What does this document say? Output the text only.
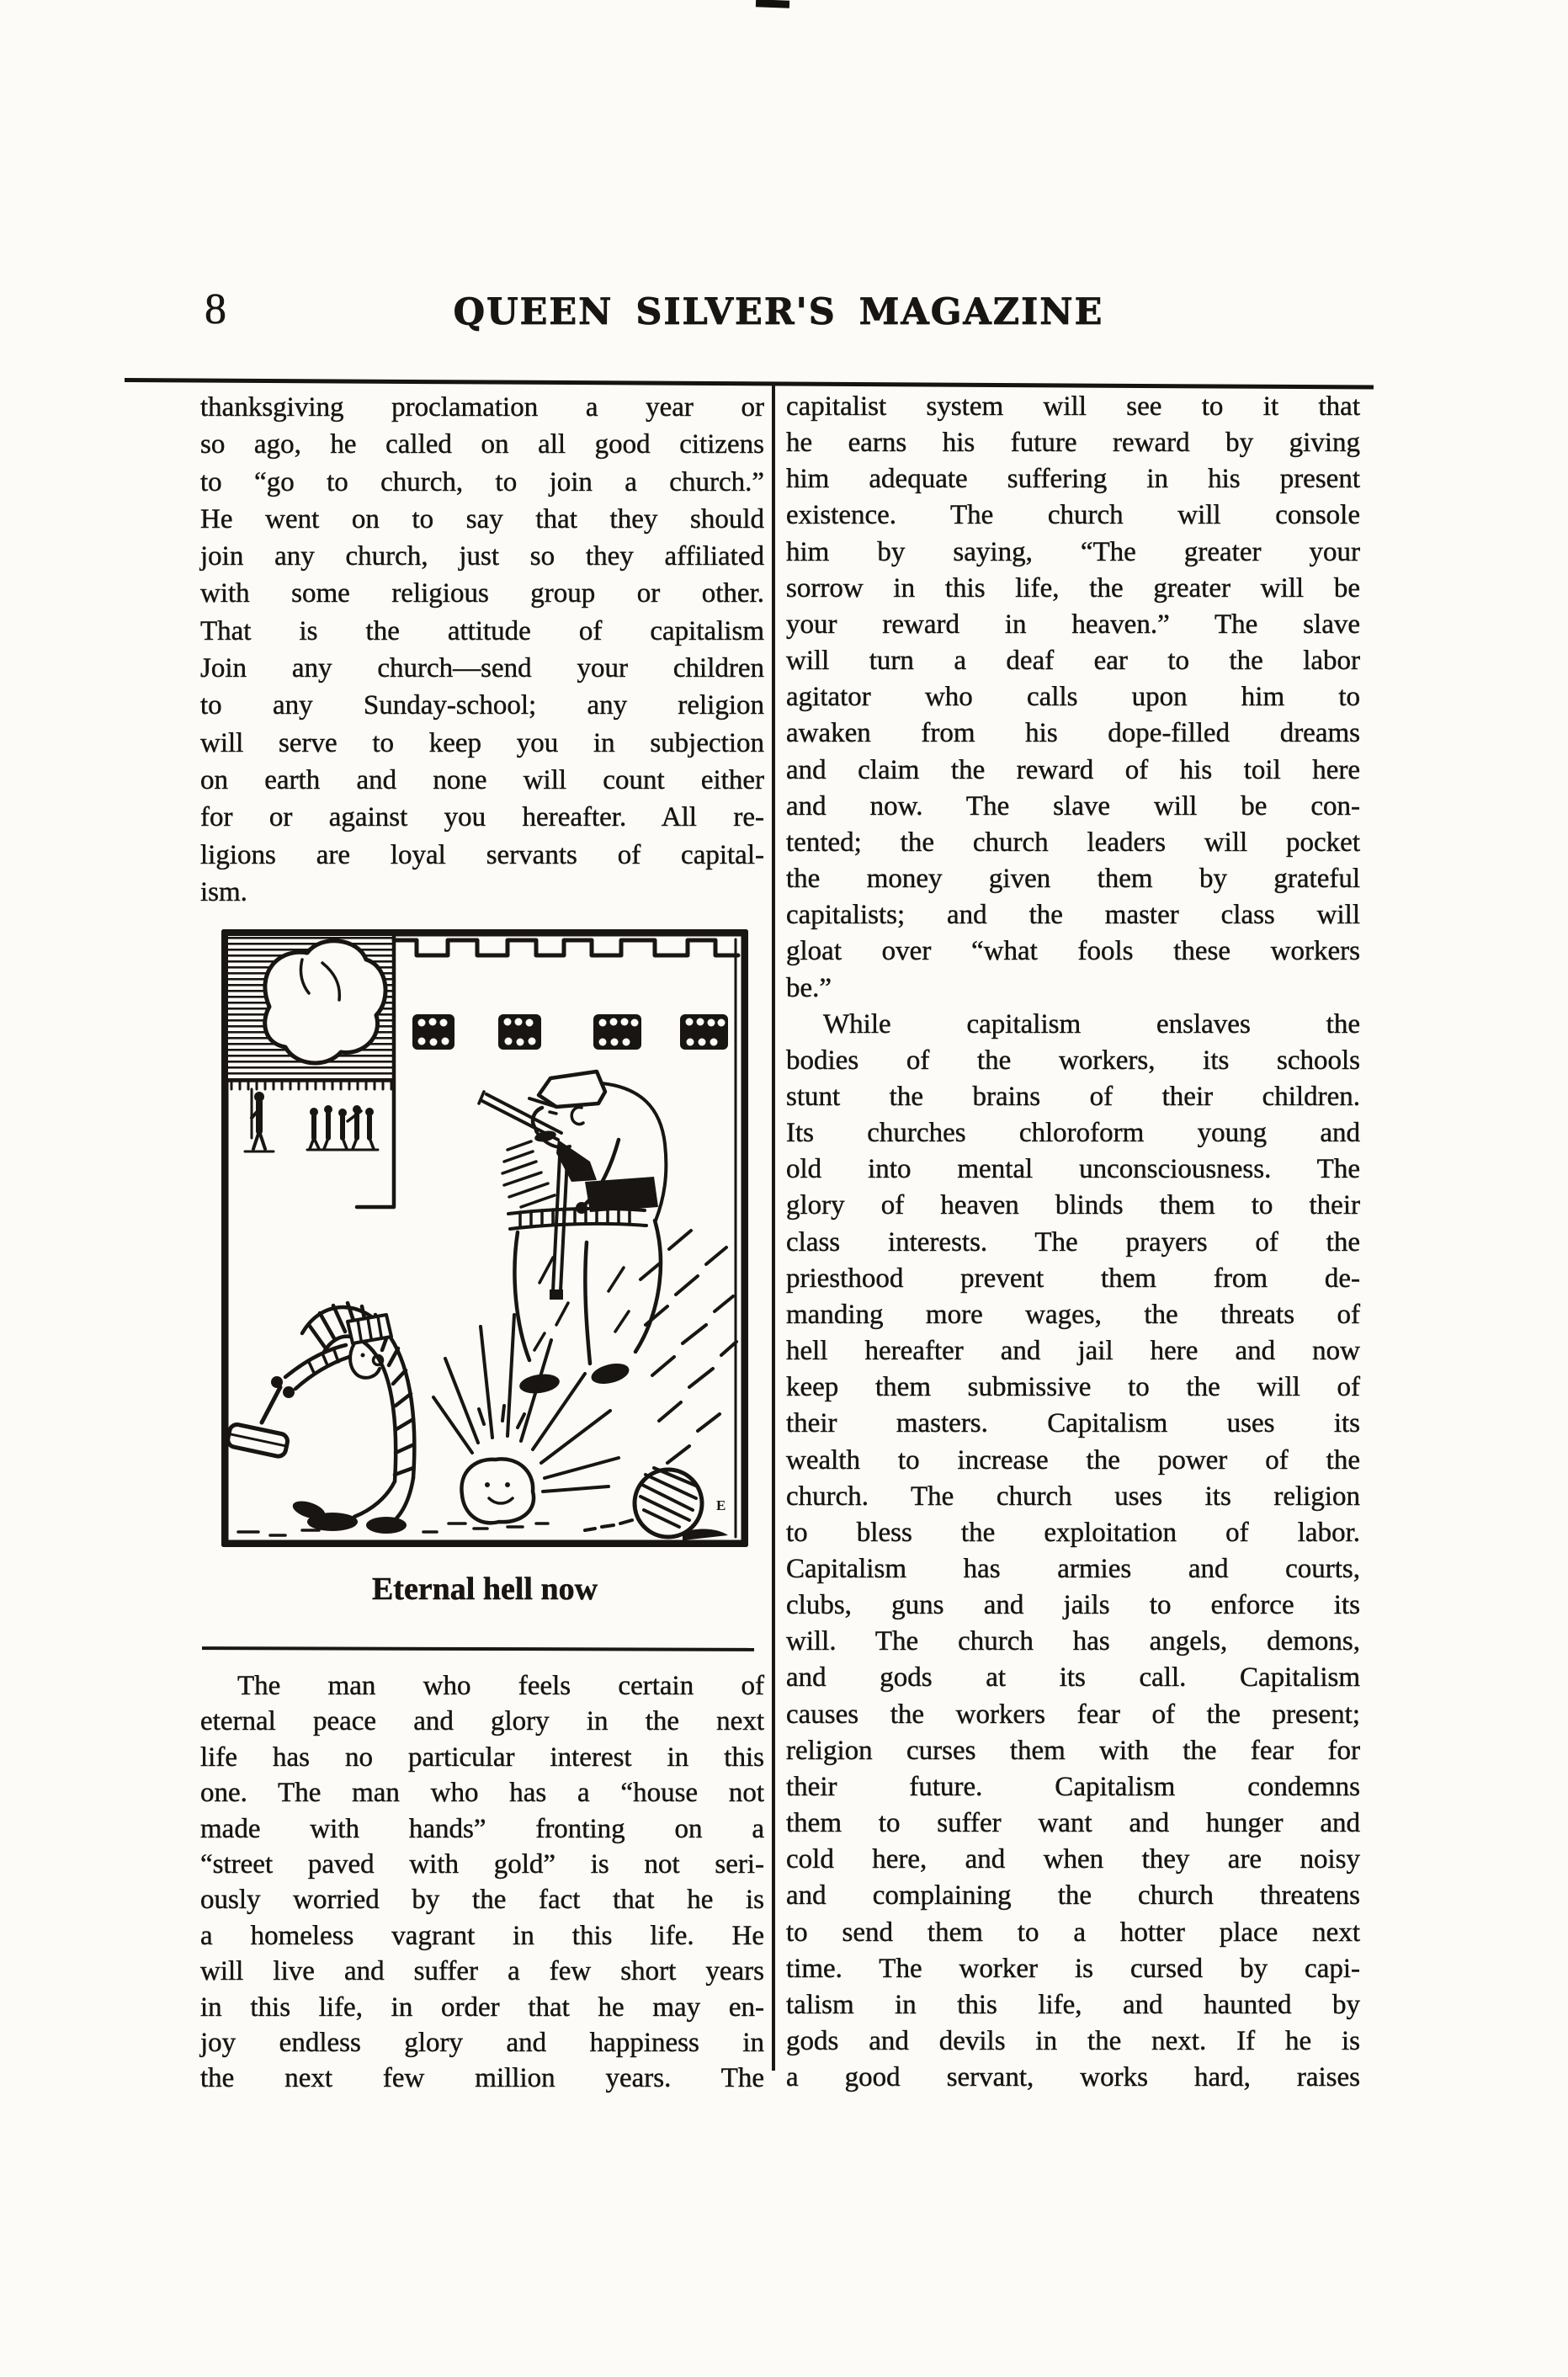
8	QUEEN SILVER'S MAGAZINE
thanksgiving proclamation a year or
so ago, he called on all good citizens
to “go to church, to join a church.”
He went on to say that they should
join any church, just so they affiliated
with some religious group or other.
That is the attitude of capitalism
Join any church—send your children
to any Sunday-school; any religion
will serve to keep you in subjection
on earth and none will count either
for or against you hereafter. All re-
ligions are loyal servants of capital-
ism.
E
Eternal hell now
The man who feels certain of
eternal peace and glory in the next
life has no particular interest in this
one. The man who has a “house not
made with hands” fronting on a
“street paved with gold” is not seri-
ously worried by the fact that he is
a homeless vagrant in this life. He
will live and suffer a few short years
in this life, in order that he may en-
joy endless glory and happiness in
the next few million years. The
capitalist system will see to it that
he earns his future reward by giving
him adequate suffering in his present
existence. The church will console
him by saying, “The greater your
sorrow in this life, the greater will be
your reward in heaven.” The slave
will turn a deaf ear to the labor
agitator who calls upon him to
awaken from his dope-filled dreams
and claim the reward of his toil here
and now. The slave will be con-
tented; the church leaders will pocket
the money given them by grateful
capitalists; and the master class will
gloat over “what fools these workers
be.”
While capitalism enslaves the
bodies of the workers, its schools
stunt the brains of their children.
Its churches chloroform young and
old into mental unconsciousness. The
glory of heaven blinds them to their
class interests. The prayers of the
priesthood prevent them from de-
manding more wages, the threats of
hell hereafter and jail here and now
keep them submissive to the will of
their masters. Capitalism uses its
wealth to increase the power of the
church. The church uses its religion
to bless the exploitation of labor.
Capitalism has armies and courts,
clubs, guns and jails to enforce its
will. The church has angels, demons,
and gods at its call. Capitalism
causes the workers fear of the present;
religion curses them with the fear for
their future. Capitalism condemns
them to suffer want and hunger and
cold here, and when they are noisy
and complaining the church threatens
to send them to a hotter place next
time. The worker is cursed by capi-
talism in this life, and haunted by
gods and devils in the next. If he is
a good servant, works hard, raises
